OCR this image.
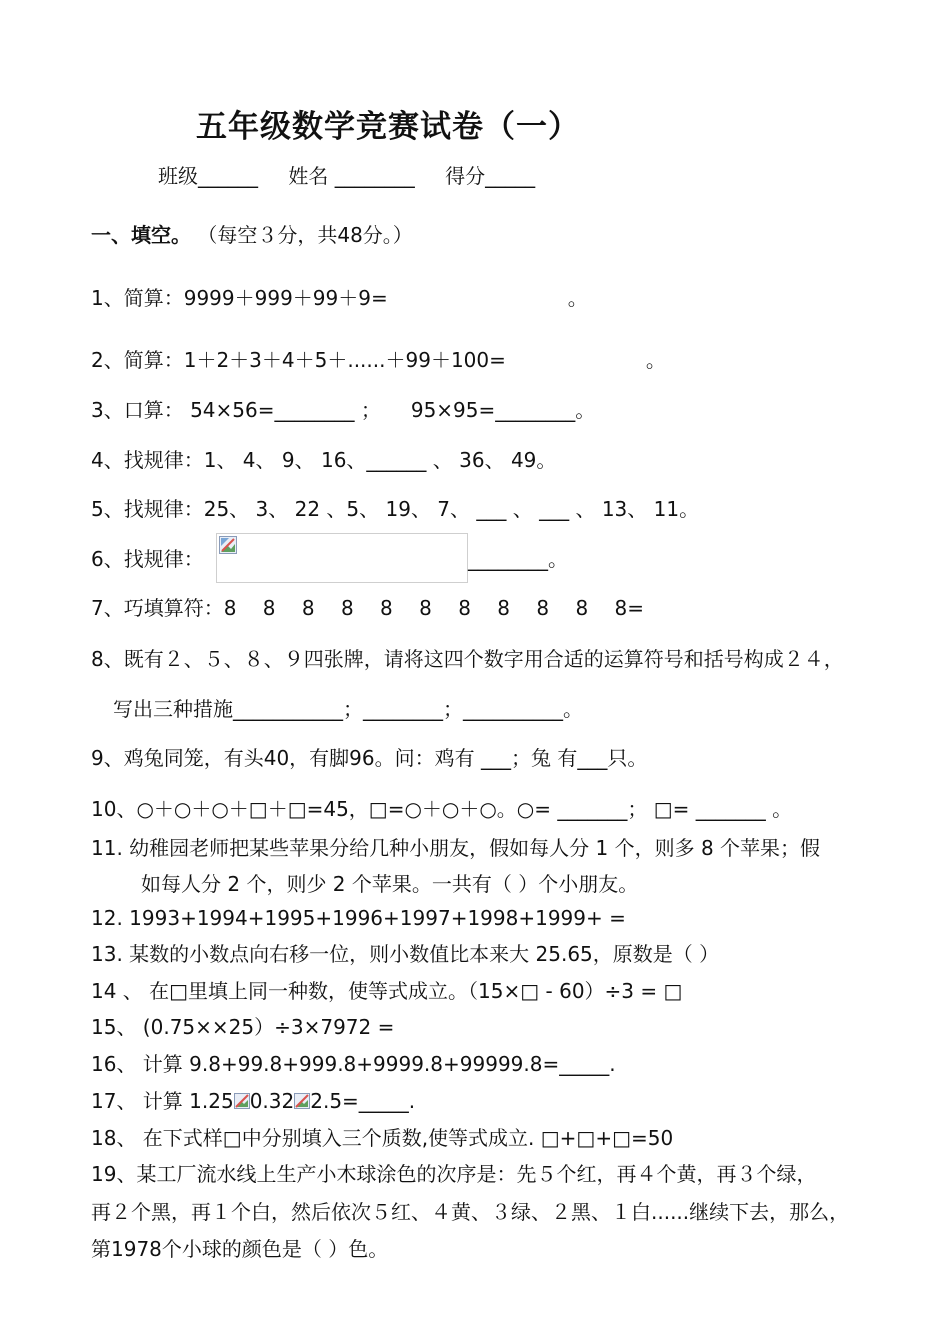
五年级数学竞赛试卷（一）
班级______ 姓名 ________ 得分_____
一、填空。 （每空３分，共48分。）
1、简算：9999＋999＋99＋9=　　　　　　　　　。
2、简算：1＋2＋3＋4＋5＋......＋99＋100=　　　　　　　。
3、口算： 54×56=________ ；　　95×95=________。
4、找规律：1、 4、 9、 16、______ 、 36、 49。
5、找规律：25、 3、 22 、5、 19、 7、 ___ 、 ___ 、 13、 11。
6、找规律：	________。
7、巧填算符：8　 8　 8　 8　 8　 8　 8　 8　 8　 8　 8=
8、既有２、５、８、９四张牌，请将这四个数字用合适的运算符号和括号构成２４，
写出三种措施___________；________；__________。
9、鸡兔同笼，有头40，有脚96。问：鸡有 ___；兔 有___只。
10、○＋○＋○＋□＋□=45，□=○＋○＋○。○= _______； □= _______ 。
11. 幼稚园老师把某些苹果分给几种小朋友，假如每人分 1 个，则多 8 个苹果；假
如每人分 2 个，则少 2 个苹果。一共有（ ）个小朋友。
12. 1993+1994+1995+1996+1997+1998+1999+ =
13. 某数的小数点向右移一位，则小数值比本来大 25.65，原数是（ ）
14 、 在□里填上同一种数，使等式成立。（15×□ - 60）÷3 = □
15、 (0.75××25）÷3×7972 =
16、 计算 9.8+99.8+999.8+9999.8+99999.8=_____.
17、 计算 1.25 0.32 2.5=_____.
18、 在下式样□中分别填入三个质数,使等式成立. □+□+□=50
19、某工厂流水线上生产小木球涂色的次序是：先５个红，再４个黄，再３个绿，
再２个黑，再１个白，然后依次５红、４黄、３绿、２黑、１白......继续下去，那么，
第1978个小球的颜色是（ ）色。
